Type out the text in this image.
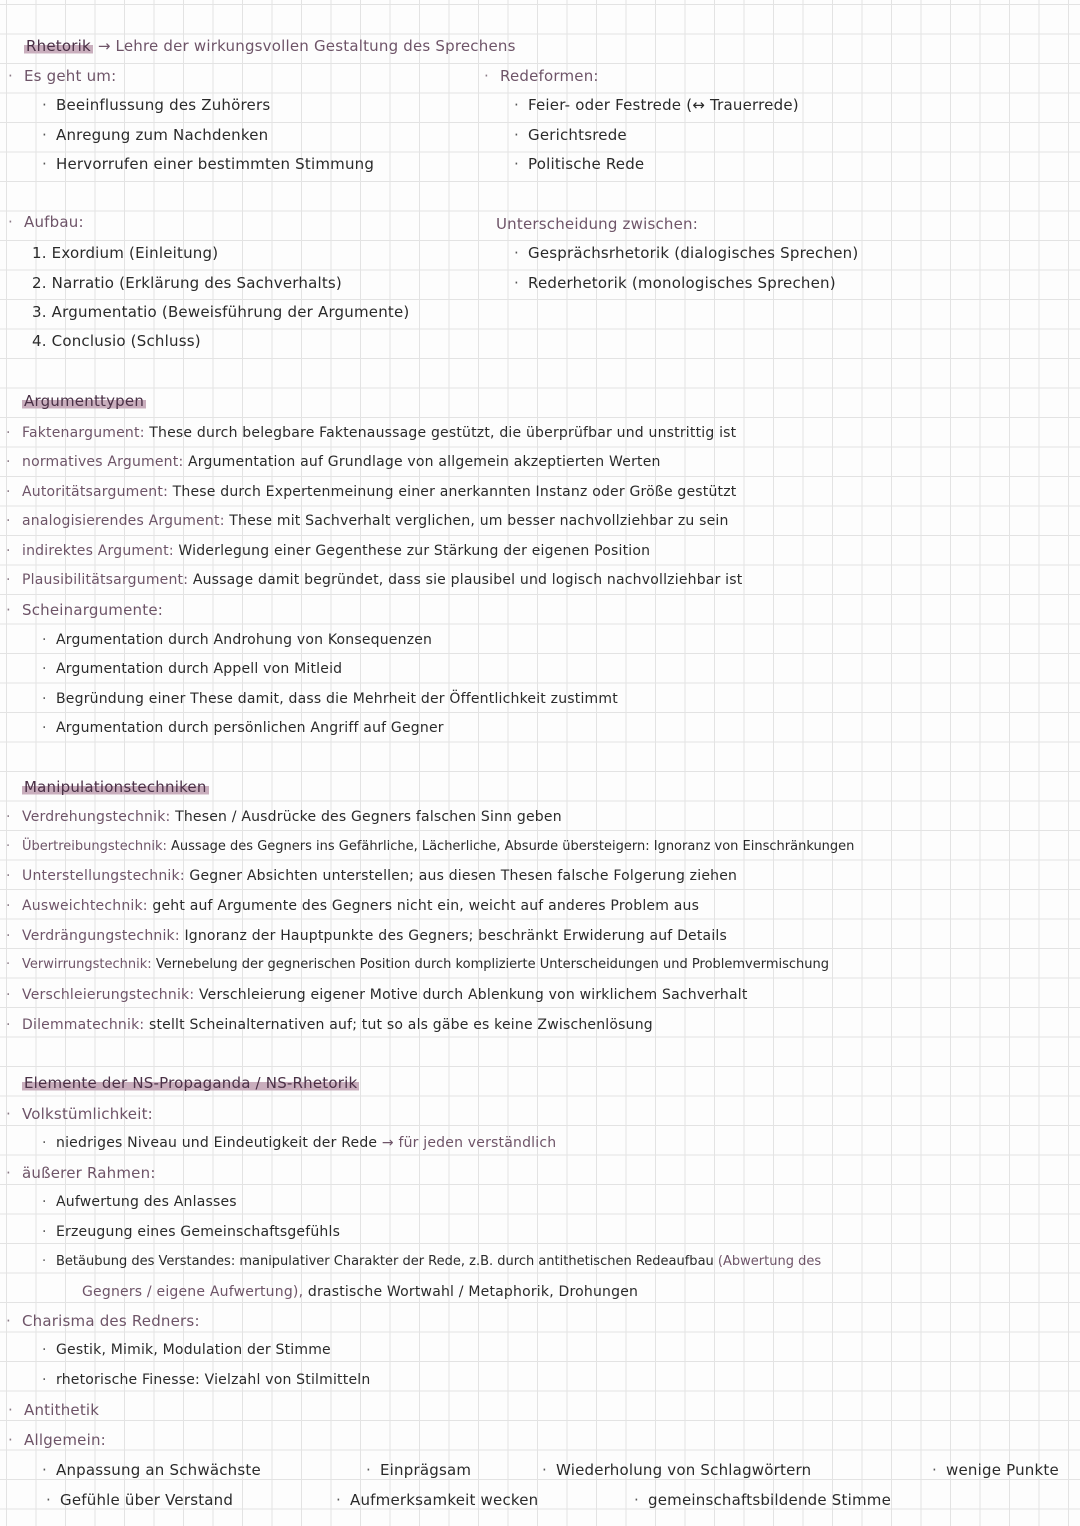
Rhetorik → Lehre der wirkungsvollen Gestaltung des Sprechens
· Es geht um:
· Beeinflussung des Zuhörers
· Anregung zum Nachdenken
· Hervorrufen einer bestimmten Stimmung
· Redeformen:
· Feier- oder Festrede (↔ Trauerrede)
· Gerichtsrede
· Politische Rede
· Aufbau:
1. Exordium (Einleitung)
2. Narratio (Erklärung des Sachverhalts)
3. Argumentatio (Beweisführung der Argumente)
4. Conclusio (Schluss)
Unterscheidung zwischen:
· Gesprächsrhetorik (dialogisches Sprechen)
· Rederhetorik (monologisches Sprechen)
Argumenttypen
· Faktenargument: These durch belegbare Faktenaussage gestützt, die überprüfbar und unstrittig ist
· normatives Argument: Argumentation auf Grundlage von allgemein akzeptierten Werten
· Autoritätsargument: These durch Expertenmeinung einer anerkannten Instanz oder Größe gestützt
· analogisierendes Argument: These mit Sachverhalt verglichen, um besser nachvollziehbar zu sein
· indirektes Argument: Widerlegung einer Gegenthese zur Stärkung der eigenen Position
· Plausibilitätsargument: Aussage damit begründet, dass sie plausibel und logisch nachvollziehbar ist
· Scheinargumente:
· Argumentation durch Androhung von Konsequenzen
· Argumentation durch Appell von Mitleid
· Begründung einer These damit, dass die Mehrheit der Öffentlichkeit zustimmt
· Argumentation durch persönlichen Angriff auf Gegner
Manipulationstechniken
· Verdrehungstechnik: Thesen / Ausdrücke des Gegners falschen Sinn geben
· Übertreibungstechnik: Aussage des Gegners ins Gefährliche, Lächerliche, Absurde übersteigern: Ignoranz von Einschränkungen
· Unterstellungstechnik: Gegner Absichten unterstellen; aus diesen Thesen falsche Folgerung ziehen
· Ausweichtechnik: geht auf Argumente des Gegners nicht ein, weicht auf anderes Problem aus
· Verdrängungstechnik: Ignoranz der Hauptpunkte des Gegners; beschränkt Erwiderung auf Details
· Verwirrungstechnik: Vernebelung der gegnerischen Position durch komplizierte Unterscheidungen und Problemvermischung
· Verschleierungstechnik: Verschleierung eigener Motive durch Ablenkung von wirklichem Sachverhalt
· Dilemmatechnik: stellt Scheinalternativen auf; tut so als gäbe es keine Zwischenlösung
Elemente der NS-Propaganda / NS-Rhetorik
· Volkstümlichkeit:
· niedriges Niveau und Eindeutigkeit der Rede → für jeden verständlich
· äußerer Rahmen:
· Aufwertung des Anlasses
· Erzeugung eines Gemeinschaftsgefühls
· Betäubung des Verstandes: manipulativer Charakter der Rede, z.B. durch antithetischen Redeaufbau (Abwertung des
Gegners / eigene Aufwertung), drastische Wortwahl / Metaphorik, Drohungen
· Charisma des Redners:
· Gestik, Mimik, Modulation der Stimme
· rhetorische Finesse: Vielzahl von Stilmitteln
· Antithetik
· Allgemein:
· Anpassung an Schwächste	· Einprägsam	· Wiederholung von Schlagwörtern	· wenige Punkte
· Gefühle über Verstand	· Aufmerksamkeit wecken	· gemeinschaftsbildende Stimme
